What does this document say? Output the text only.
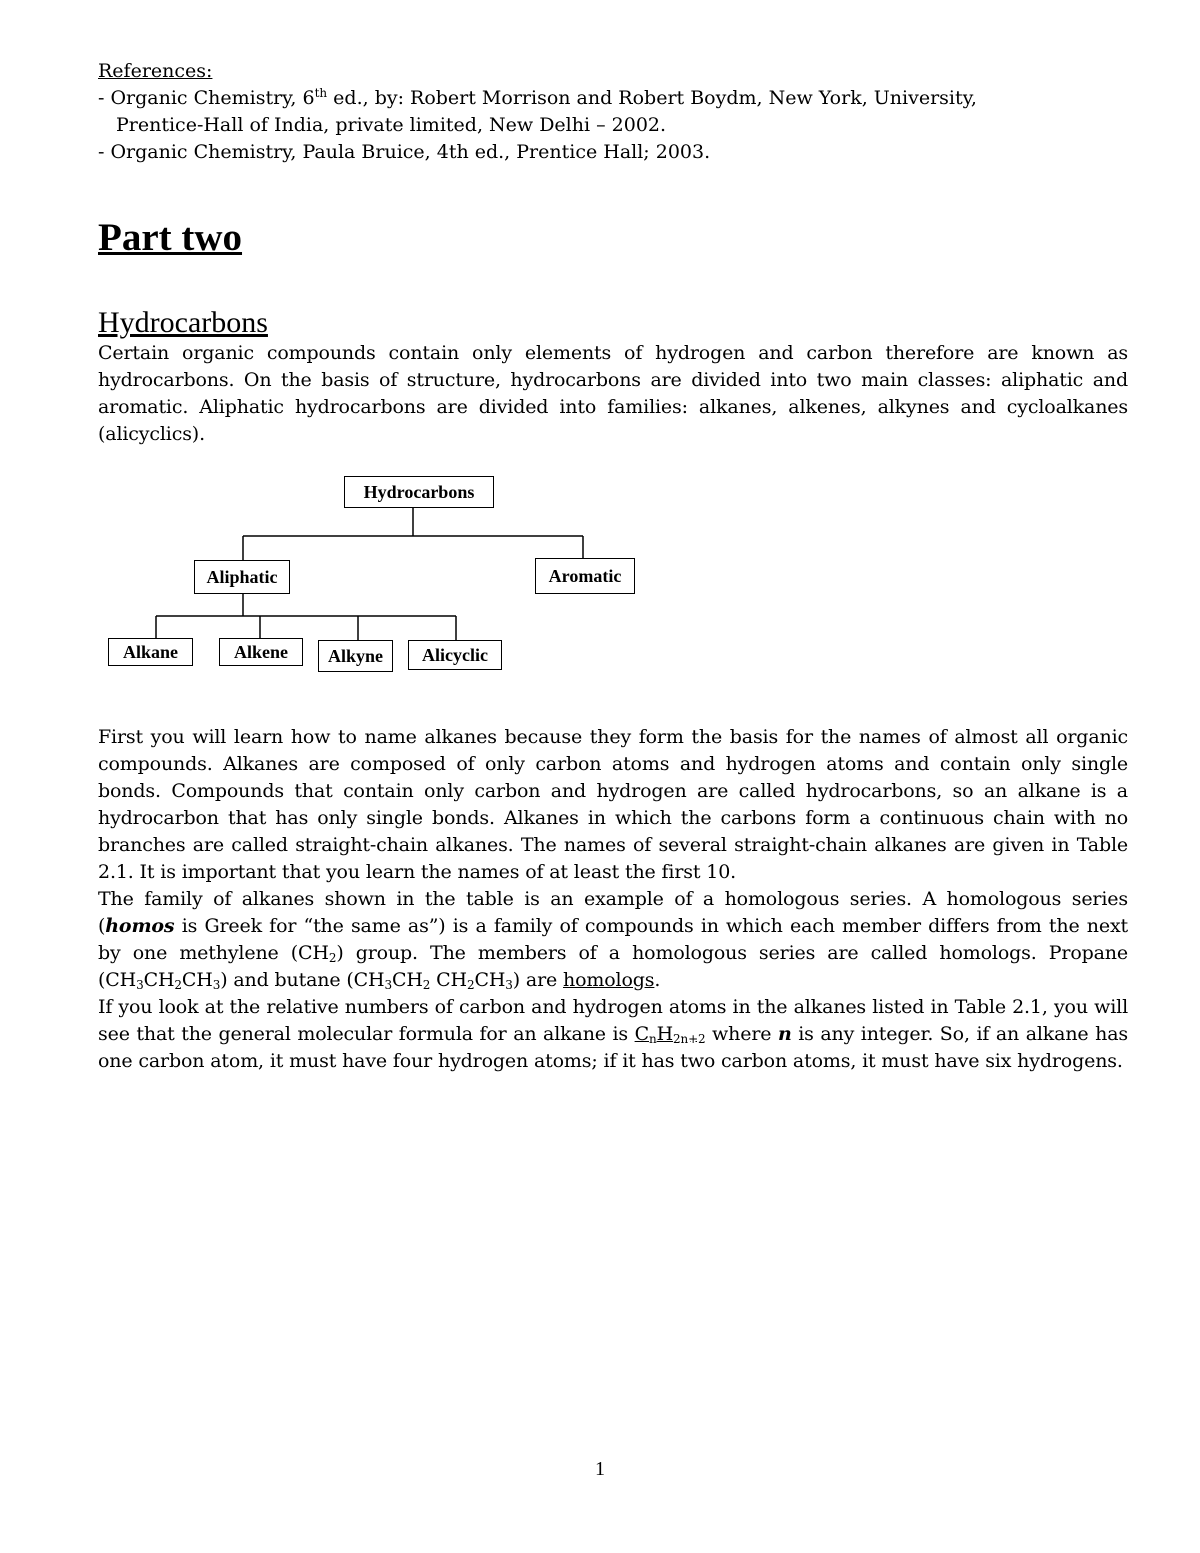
References:
- Organic Chemistry, 6th ed., by: Robert Morrison and Robert Boydm, New York, University,
Prentice-Hall of India, private limited, New Delhi – 2002.
- Organic Chemistry, Paula Bruice, 4th ed., Prentice Hall; 2003.
Part two
Hydrocarbons

Certain organic compounds contain only elements of hydrogen and carbon therefore are known as hydrocarbons. On the basis of structure, hydrocarbons are divided into two main classes: aliphatic and aromatic. Aliphatic hydrocarbons are divided into families: alkanes, alkenes, alkynes and cycloalkanes (alicyclics).

Hydrocarbons
Aliphatic	Aromatic
Alkane	Alkene	Alkyne	Alicyclic

First you will learn how to name alkanes because they form the basis for the names of almost all organic compounds. Alkanes are composed of only carbon atoms and hydrogen atoms and contain only single bonds. Compounds that contain only carbon and hydrogen are called hydrocarbons, so an alkane is a hydrocarbon that has only single bonds. Alkanes in which the carbons form a continuous chain with no branches are called straight-chain alkanes. The names of several straight-chain alkanes are given in Table 2.1. It is important that you learn the names of at least the first 10.

The family of alkanes shown in the table is an example of a homologous series. A homologous series (homos is Greek for “the same as”) is a family of compounds in which each member differs from the next by one methylene $(CH_2)$ group. The members of a homologous series are called homologs. Propane $(CH_3CH_2CH_3)$ and butane ($CH_3CH_2$ $CH_2CH_3$) are homologs.

If you look at the relative numbers of carbon and hydrogen atoms in the alkanes listed in Table 2.1, you will see that the general molecular formula for an alkane is $C_nH_{2n+2}$ where n is any integer. So, if an alkane has one carbon atom, it must have four hydrogen atoms; if it has two carbon atoms, it must have six hydrogens.

1
